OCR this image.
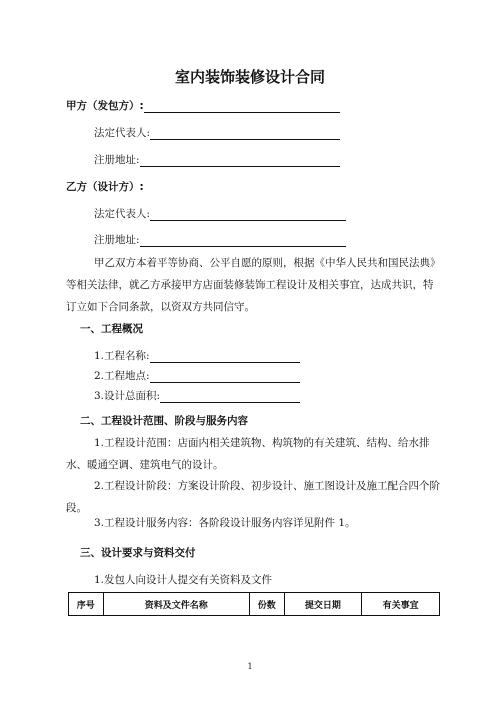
室内装饰装修设计合同
甲方（发包方）:
法定代表人:
注册地址:
乙方（设计方）:
法定代表人:
注册地址:
甲乙双方本着平等协商、公平自愿的原则，根据《中华人民共和国民法典》等相关法律，就乙方承接甲方店面装修装饰工程设计及相关事宜，达成共识，特订立如下合同条款，以资双方共同信守。
一、工程概况
1.工程名称:
2.工程地点:
3.设计总面积:
二、工程设计范围、阶段与服务内容
1.工程设计范围：店面内相关建筑物、构筑物的有关建筑、结构、给水排水、暖通空调、建筑电气的设计。
2.工程设计阶段：方案设计阶段、初步设计、施工图设计及施工配合四个阶段。
3.工程设计服务内容：各阶段设计服务内容详见附件 1。
三、设计要求与资料交付
1.发包人向设计人提交有关资料及文件
序号	资料及文件名称	份数	提交日期	有关事宜
1
